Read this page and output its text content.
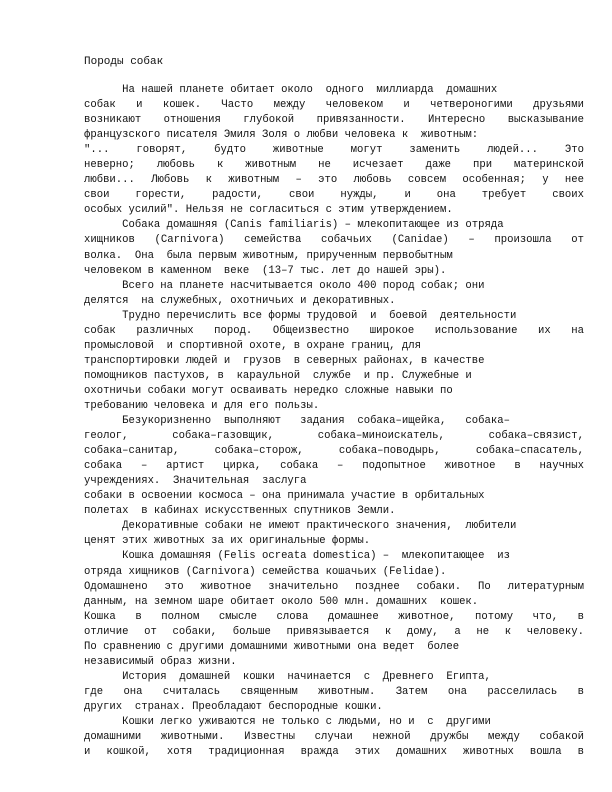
Породы собак

На нашей планете обитает около  одного  миллиарда  домашних
собак и кошек. Часто между человеком и четвероногими друзьями
возникают отношения глубокой привязанности. Интересно высказывание
французского писателя Эмиля Золя о любви человека к  животным:
"... говорят, будто животные могут заменить людей... Это
неверно; любовь к животным не исчезает даже при материнской
любви... Любовь к животным – это любовь совсем особенная; у нее
свои горести, радости, свои нужды, и она требует своих
особых усилий". Нельзя не согласиться с этим утверждением.
Собака домашняя (Canis familiaris) – млекопитающее из отряда
хищников (Carnivora) семейства собачьих (Canidae) – произошла от
волка.  Она  была первым животным, прирученным первобытным
человеком в каменном  веке  (13–7 тыс. лет до нашей эры).
Всего на планете насчитывается около 400 пород собак; они
делятся  на служебных, охотничьих и декоративных.
Трудно перечислить все формы трудовой  и  боевой  деятельности
собак различных пород. Общеизвестно широкое использование их на
промысловой  и спортивной охоте, в охране границ, для
транспортировки людей и  грузов  в северных районах, в качестве
помощников пастухов, в  караульной  службе  и пр. Служебные и
охотничьи собаки могут осваивать нередко сложные навыки по
требованию человека и для его пользы.
Безукоризненно  выполняют   задания  собака–ищейка,   собака–
геолог, собака–газовщик, собака–миноискатель, собака–связист,
собака–санитар, собака–сторож, собака–поводырь, собака–спасатель,
собака – артист цирка, собака – подопытное животное в научных
учреждениях.  Значительная  заслуга
собаки в освоении космоса – она принимала участие в орбитальных
полетах  в кабинах искусственных спутников Земли.
Декоративные собаки не имеют практического значения,  любители
ценят этих животных за их оригинальные формы.
Кошка домашняя (Felis ocreata domestica) –  млекопитающее  из
отряда хищников (Carnivora) семейства кошачьих (Felidae).
Одомашнено это животное значительно позднее собаки. По литературным
данным, на земном шаре обитает около 500 млн. домашних  кошек.
Кошка в полном смысле слова домашнее животное, потому что, в
отличие от собаки, больше привязывается к дому, а не к человеку.
По сравнению с другими домашними животными она ведет  более
независимый образ жизни.
История  домашней  кошки  начинается  с  Древнего  Египта,
где она считалась священным животным. Затем она расселилась в
других  странах. Преобладают беспородные кошки.
Кошки легко уживаются не только с людьми, но и  с  другими
домашними животными. Известны случаи нежной дружбы между собакой
и кошкой, хотя традиционная вражда этих домашних животных вошла в
